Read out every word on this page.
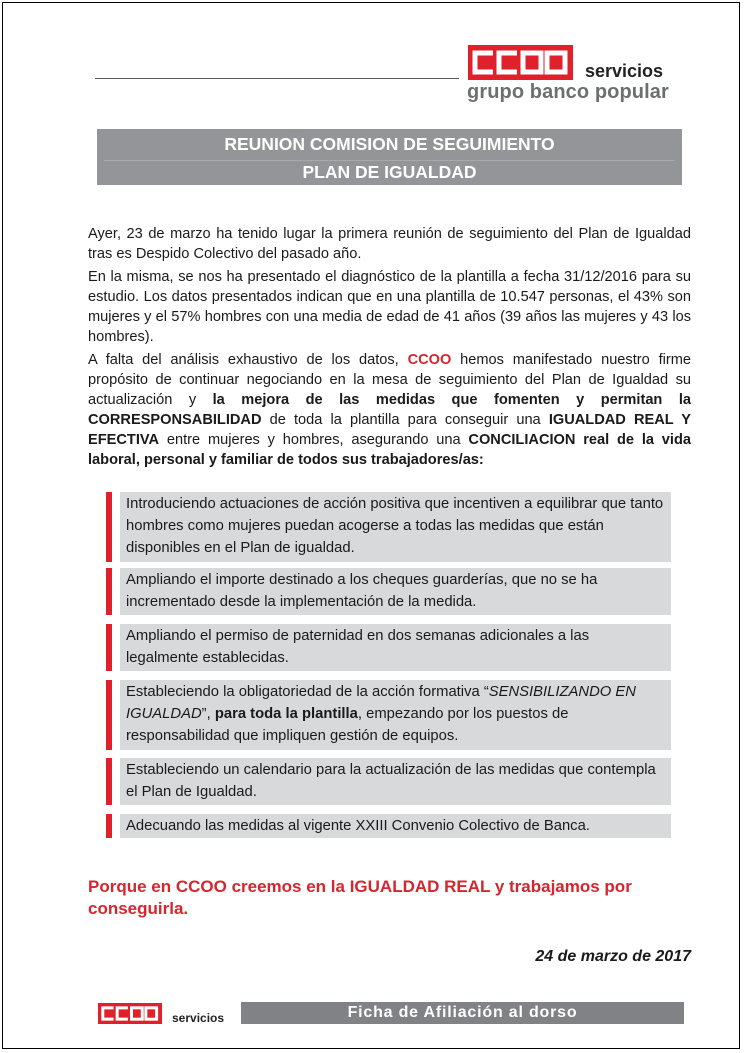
servicios
grupo banco popular
REUNION COMISION DE SEGUIMIENTO
PLAN DE IGUALDAD
Ayer, 23 de marzo ha tenido lugar la primera reunión de seguimiento del Plan de Igualdad tras es Despido Colectivo del pasado año.
En la misma, se nos ha presentado el diagnóstico de la plantilla a fecha 31/12/2016 para su estudio. Los datos presentados indican que en una plantilla de 10.547 personas, el 43% son mujeres y el 57% hombres con una media de edad de 41 años (39 años las mujeres y 43 los hombres).
A falta del análisis exhaustivo de los datos, CCOO hemos manifestado nuestro firme propósito de continuar negociando en la mesa de seguimiento del Plan de Igualdad su actualización y la mejora de las medidas que fomenten y permitan la CORRESPONSABILIDAD de toda la plantilla para conseguir una IGUALDAD REAL Y EFECTIVA entre mujeres y hombres, asegurando una CONCILIACION real de la vida laboral, personal y familiar de todos sus trabajadores/as:
Introduciendo actuaciones de acción positiva que incentiven a equilibrar que tanto hombres como mujeres puedan acogerse a todas las medidas que están disponibles en el Plan de igualdad.
Ampliando el importe destinado a los cheques guarderías, que no se ha incrementado desde la implementación de la medida.
Ampliando el permiso de paternidad en dos semanas adicionales a las legalmente establecidas.
Estableciendo la obligatoriedad de la acción formativa “SENSIBILIZANDO EN IGUALDAD”, para toda la plantilla, empezando por los puestos de responsabilidad que impliquen gestión de equipos.
Estableciendo un calendario para la actualización de las medidas que contempla el Plan de Igualdad.
Adecuando las medidas al vigente XXIII Convenio Colectivo de Banca.
Porque en CCOO creemos en la IGUALDAD REAL y trabajamos por conseguirla.
24 de marzo de 2017
servicios	Ficha de Afiliación al dorso
